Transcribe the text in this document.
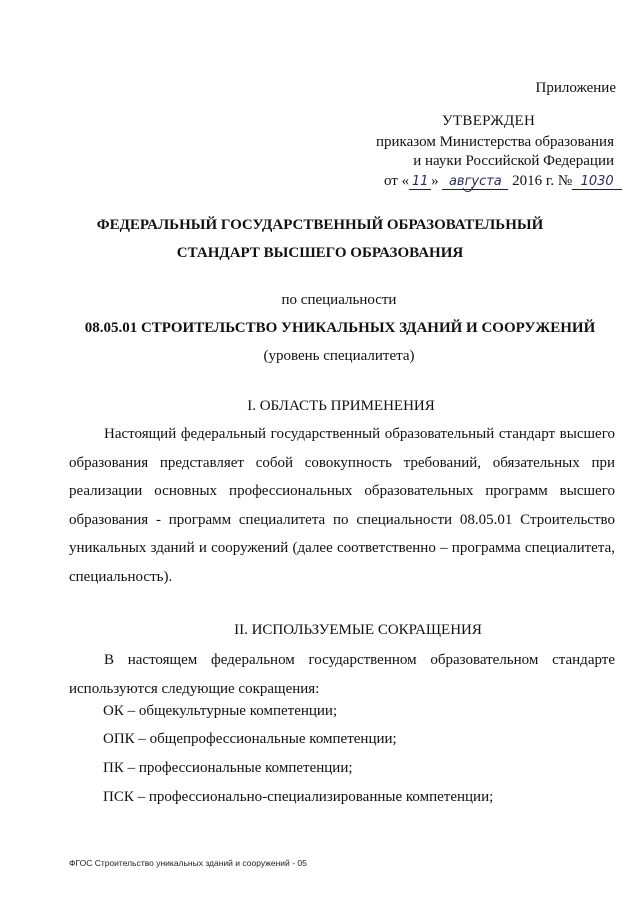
Приложение
УТВЕРЖДЕН
приказом Министерства образования
и науки Российской Федерации
от « 11 » августа 2016 г. № 1030
ФЕДЕРАЛЬНЫЙ ГОСУДАРСТВЕННЫЙ ОБРАЗОВАТЕЛЬНЫЙ
СТАНДАРТ ВЫСШЕГО ОБРАЗОВАНИЯ
по специальности
08.05.01 СТРОИТЕЛЬСТВО УНИКАЛЬНЫХ ЗДАНИЙ И СООРУЖЕНИЙ
(уровень специалитета)
I. ОБЛАСТЬ ПРИМЕНЕНИЯ
Настоящий федеральный государственный образовательный стандарт высшего образования представляет собой совокупность требований, обязательных при реализации основных профессиональных образовательных программ высшего образования - программ специалитета по специальности 08.05.01 Строительство уникальных зданий и сооружений (далее соответственно – программа специалитета, специальность).
II. ИСПОЛЬЗУЕМЫЕ СОКРАЩЕНИЯ
В настоящем федеральном государственном образовательном стандарте используются следующие сокращения:
ОК – общекультурные компетенции;
ОПК – общепрофессиональные компетенции;
ПК – профессиональные компетенции;
ПСК – профессионально-специализированные компетенции;
ФГОС Строительство уникальных зданий и сооружений - 05
